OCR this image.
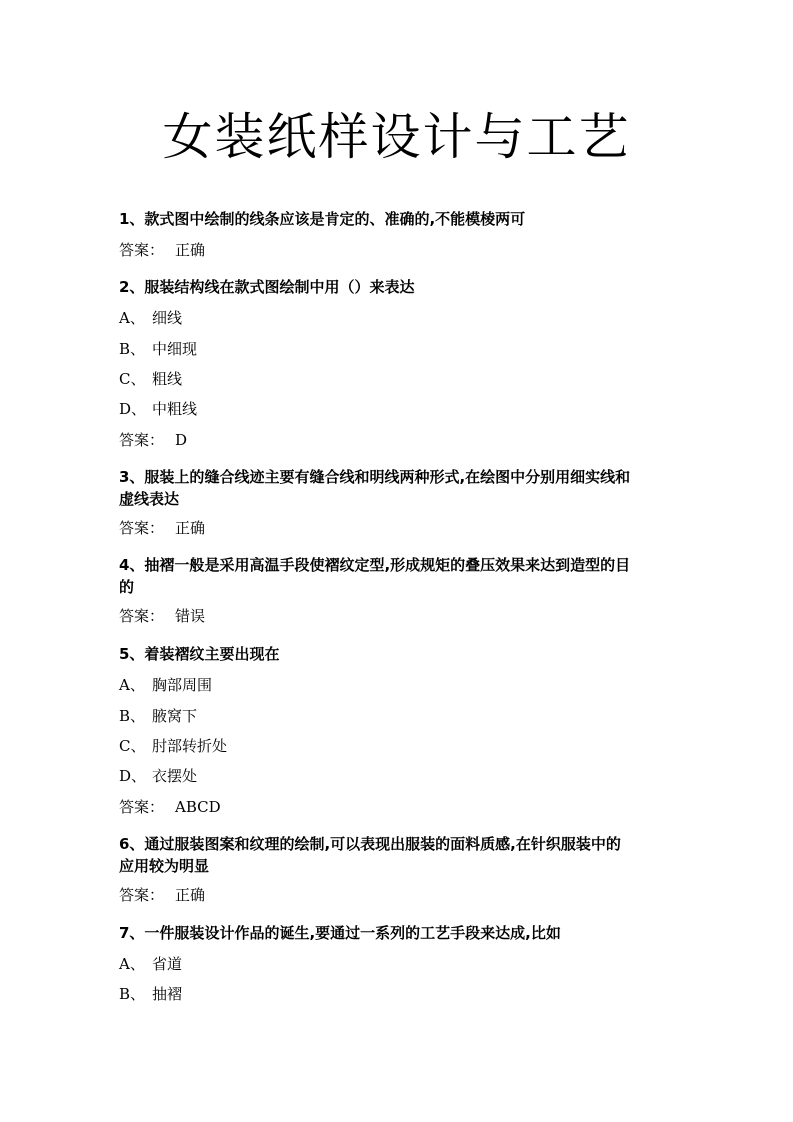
女装纸样设计与工艺
1、款式图中绘制的线条应该是肯定的、准确的,不能模棱两可
答案： 正确
2、服装结构线在款式图绘制中用（）来表达
A、 细线
B、 中细现
C、 粗线
D、 中粗线
答案： D
3、服装上的缝合线迹主要有缝合线和明线两种形式,在绘图中分别用细实线和
虚线表达
答案： 正确
4、抽褶一般是采用高温手段使褶纹定型,形成规矩的叠压效果来达到造型的目
的
答案： 错误
5、着装褶纹主要出现在
A、 胸部周围
B、 腋窝下
C、 肘部转折处
D、 衣摆处
答案： ABCD
6、通过服装图案和纹理的绘制,可以表现出服装的面料质感,在针织服装中的
应用较为明显
答案： 正确
7、一件服装设计作品的诞生,要通过一系列的工艺手段来达成,比如
A、 省道
B、 抽褶
